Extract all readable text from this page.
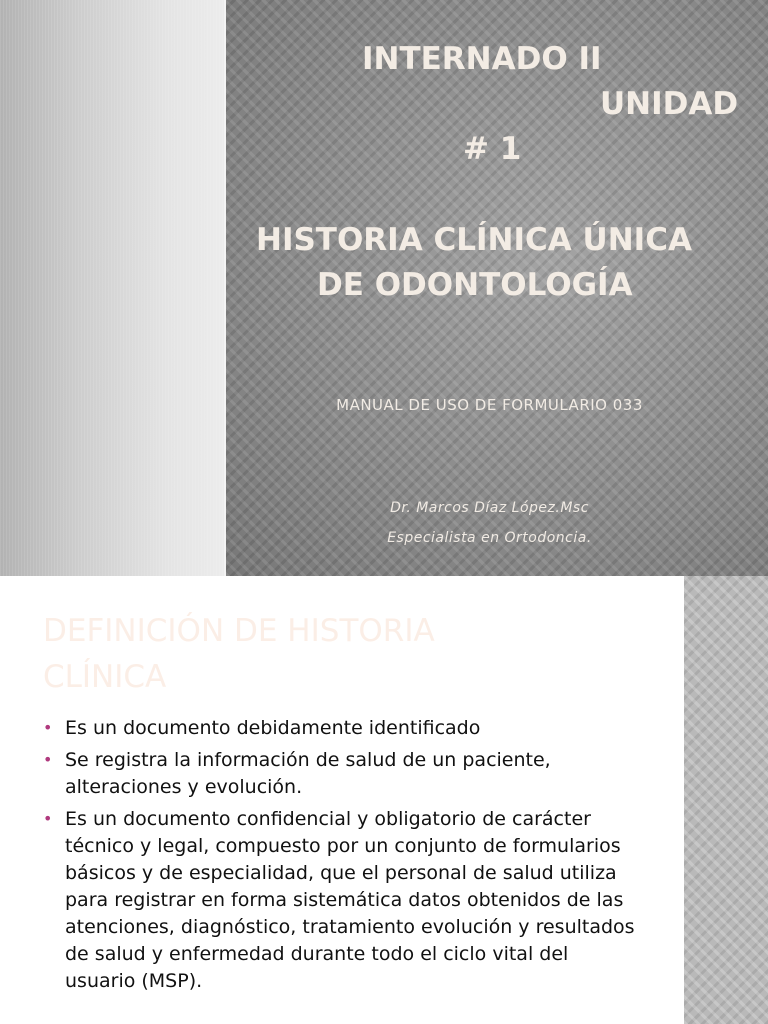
INTERNADO II
UNIDAD
# 1
HISTORIA CLÍNICA ÚNICA
DE ODONTOLOGÍA
MANUAL DE USO DE FORMULARIO 033
Dr. Marcos Díaz López.Msc
Especialista en Ortodoncia.
DEFINICIÓN DE HISTORIA
CLÍNICA
• Es un documento debidamente identificado
• Se registra la información de salud de un paciente, alteraciones y evolución.
• Es un documento confidencial y obligatorio de carácter técnico y legal, compuesto por un conjunto de formularios básicos y de especialidad, que el personal de salud utiliza para registrar en forma sistemática datos obtenidos de las atenciones, diagnóstico, tratamiento evolución y resultados de salud y enfermedad durante todo el ciclo vital del usuario (MSP).
